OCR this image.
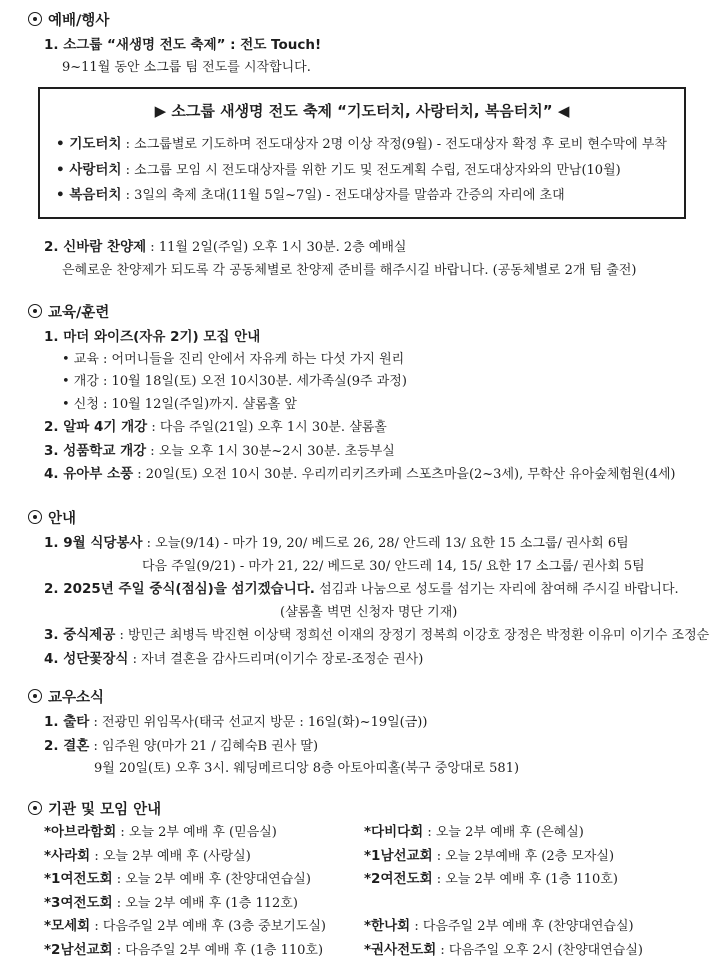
예배/행사
1. 소그룹 “새생명 전도 축제” : 전도 Touch!
9~11월 동안 소그룹 팀 전도를 시작합니다.
▶ 소그룹 새생명 전도 축제 “기도터치, 사랑터치, 복음터치” ◀
• 기도터치 : 소그룹별로 기도하며 전도대상자 2명 이상 작정(9월) - 전도대상자 확정 후 로비 현수막에 부착
• 사랑터치 : 소그룹 모임 시 전도대상자를 위한 기도 및 전도계획 수립, 전도대상자와의 만남(10월)
• 복음터치 : 3일의 축제 초대(11월 5일~7일) - 전도대상자를 말씀과 간증의 자리에 초대
2. 신바람 찬양제 : 11월 2일(주일) 오후 1시 30분. 2층 예배실
은혜로운 찬양제가 되도록 각 공동체별로 찬양제 준비를 해주시길 바랍니다. (공동체별로 2개 팀 출전)
교육/훈련
1. 마더 와이즈(자유 2기) 모집 안내
• 교육 : 어머니들을 진리 안에서 자유케 하는 다섯 가지 원리
• 개강 : 10월 18일(토) 오전 10시30분. 세가족실(9주 과정)
• 신청 : 10월 12일(주일)까지. 샬롬홀 앞
2. 알파 4기 개강 : 다음 주일(21일) 오후 1시 30분. 샬롬홀
3. 성품학교 개강 : 오늘 오후 1시 30분~2시 30분. 초등부실
4. 유아부 소풍 : 20일(토) 오전 10시 30분. 우리끼리키즈카페 스포츠마을(2~3세), 무학산 유아숲체험원(4세)
안내
1. 9월 식당봉사 : 오늘(9/14) - 마가 19, 20/ 베드로 26, 28/ 안드레 13/ 요한 15 소그룹/ 권사회 6팀
다음 주일(9/21) - 마가 21, 22/ 베드로 30/ 안드레 14, 15/ 요한 17 소그룹/ 권사회 5팀
2. 2025년 주일 중식(점심)을 섬기겠습니다. 섬김과 나눔으로 성도를 섬기는 자리에 참여해 주시길 바랍니다.
(샬롬홀 벽면 신청자 명단 기재)
3. 중식제공 : 방민근 최병득 박진현 이상택 정희선 이재의 장정기 정복희 이강호 장정은 박정환 이유미 이기수 조정순
4. 성단꽃장식 : 자녀 결혼을 감사드리며(이기수 장로-조정순 권사)
교우소식
1. 출타 : 전광민 위임목사(태국 선교지 방문 : 16일(화)~19일(금))
2. 결혼 : 임주원 양(마가 21 / 김혜숙B 권사 딸)
9월 20일(토) 오후 3시. 웨딩메르디앙 8층 아토아띠홀(북구 중앙대로 581)
기관 및 모임 안내
*아브라함회 : 오늘 2부 예배 후 (믿음실)	*다비다회 : 오늘 2부 예배 후 (은혜실)
*사라회 : 오늘 2부 예배 후 (사랑실)	*1남선교회 : 오늘 2부예배 후 (2층 모자실)
*1여전도회 : 오늘 2부 예배 후 (찬양대연습실)	*2여전도회 : 오늘 2부 예배 후 (1층 110호)
*3여전도회 : 오늘 2부 예배 후 (1층 112호)
*모세회 : 다음주일 2부 예배 후 (3층 중보기도실)	*한나회 : 다음주일 2부 예배 후 (찬양대연습실)
*2남선교회 : 다음주일 2부 예배 후 (1층 110호)	*권사전도회 : 다음주일 오후 2시 (찬양대연습실)
